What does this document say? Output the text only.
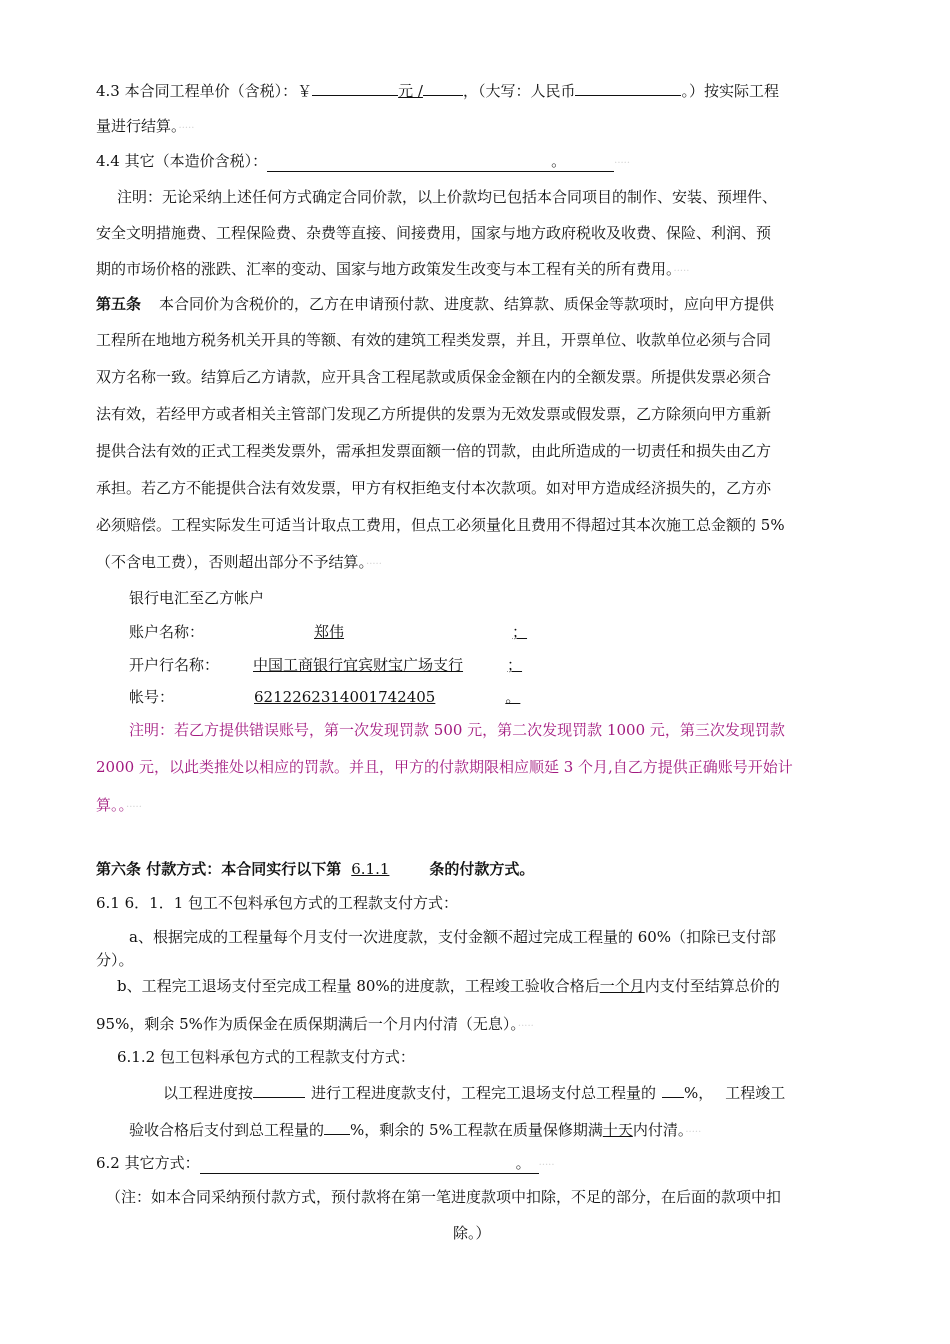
4.3 本合同工程单价（含税）：￥	元 /	，（大写：人民币	。）按实际工程
量进行结算。·····
4.4 其它（本造价含税）：	。	·····
注明：无论采纳上述任何方式确定合同价款，以上价款均已包括本合同项目的制作、安装、预埋件、
安全文明措施费、工程保险费、杂费等直接、间接费用，国家与地方政府税收及收费、保险、利润、预
期的市场价格的涨跌、汇率的变动、国家与地方政策发生改变与本工程有关的所有费用。·····
第五条 本合同价为含税价的，乙方在申请预付款、进度款、结算款、质保金等款项时，应向甲方提供
工程所在地地方税务机关开具的等额、有效的建筑工程类发票，并且，开票单位、收款单位必须与合同
双方名称一致。结算后乙方请款，应开具含工程尾款或质保金金额在内的全额发票。所提供发票必须合
法有效，若经甲方或者相关主管部门发现乙方所提供的发票为无效发票或假发票，乙方除须向甲方重新
提供合法有效的正式工程类发票外，需承担发票面额一倍的罚款，由此所造成的一切责任和损失由乙方
承担。若乙方不能提供合法有效发票，甲方有权拒绝支付本次款项。如对甲方造成经济损失的，乙方亦
必须赔偿。工程实际发生可适当计取点工费用，但点工必须量化且费用不得超过其本次施工总金额的 5%
（不含电工费），否则超出部分不予结算。·····
银行电汇至乙方帐户
账户名称：	郑伟	；
开户行名称： 中国工商银行宜宾财宝广场支行	；
帐号：	6212262314001742405	。
注明：若乙方提供错误账号，第一次发现罚款 500 元，第二次发现罚款 1000 元，第三次发现罚款
2000 元，以此类推处以相应的罚款。并且，甲方的付款期限相应顺延 3 个月,自乙方提供正确账号开始计
算。。·····
第六条 付款方式：本合同实行以下第 6.1.1	条的付款方式。
6.1 6．1．1 包工不包料承包方式的工程款支付方式：
a、根据完成的工程量每个月支付一次进度款，支付金额不超过完成工程量的 60%（扣除已支付部
分）。
b、工程完工退场支付至完成工程量 80%的进度款，工程竣工验收合格后一个月内支付至结算总价的
95%，剩余 5%作为质保金在质保期满后一个月内付清（无息）。·····
6.1.2 包工包料承包方式的工程款支付方式：
以工程进度按	进行工程进度款支付，工程完工退场支付总工程量的 %， 工程竣工
验收合格后支付到总工程量的 %，剩余的 5%工程款在质量保修期满十天内付清。·····
6.2 其它方式：	。 ·····
（注：如本合同采纳预付款方式，预付款将在第一笔进度款项中扣除，不足的部分，在后面的款项中扣
除。）
